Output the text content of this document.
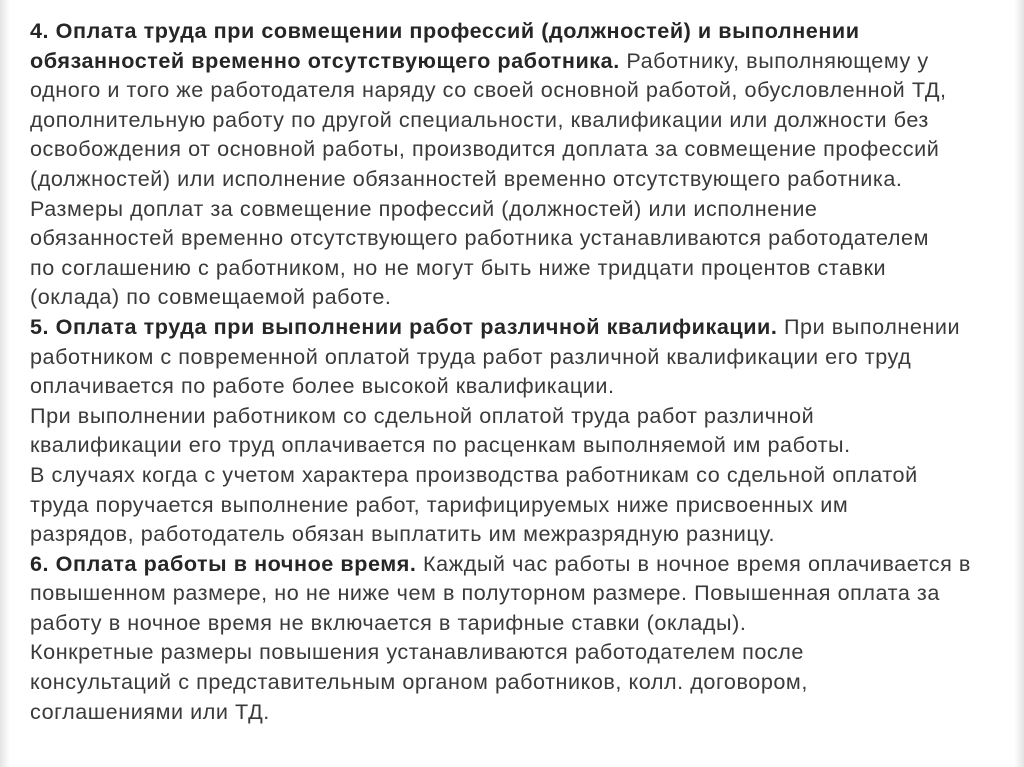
4. Оплата труда при совмещении профессий (должностей) и выполнении
обязанностей временно отсутствующего работника. Работнику, выполняющему у
одного и того же работодателя наряду со своей основной работой, обусловленной ТД,
дополнительную работу по другой специальности, квалификации или должности без
освобождения от основной работы, производится доплата за совмещение профессий
(должностей) или исполнение обязанностей временно отсутствующего работника.
Размеры доплат за совмещение профессий (должностей) или исполнение
обязанностей временно отсутствующего работника устанавливаются работодателем
по соглашению с работником, но не могут быть ниже тридцати процентов ставки
(оклада) по совмещаемой работе.
5. Оплата труда при выполнении работ различной квалификации. При выполнении
работником с повременной оплатой труда работ различной квалификации его труд
оплачивается по работе более высокой квалификации.
При выполнении работником со сдельной оплатой труда работ различной
квалификации его труд оплачивается по расценкам выполняемой им работы.
В случаях когда с учетом характера производства работникам со сдельной оплатой
труда поручается выполнение работ, тарифицируемых ниже присвоенных им
разрядов, работодатель обязан выплатить им межразрядную разницу.
6. Оплата работы в ночное время. Каждый час работы в ночное время оплачивается в
повышенном размере, но не ниже чем в полуторном размере. Повышенная оплата за
работу в ночное время не включается в тарифные ставки (оклады).
Конкретные размеры повышения устанавливаются работодателем после
консультаций с представительным органом работников, колл. договором,
соглашениями или ТД.
